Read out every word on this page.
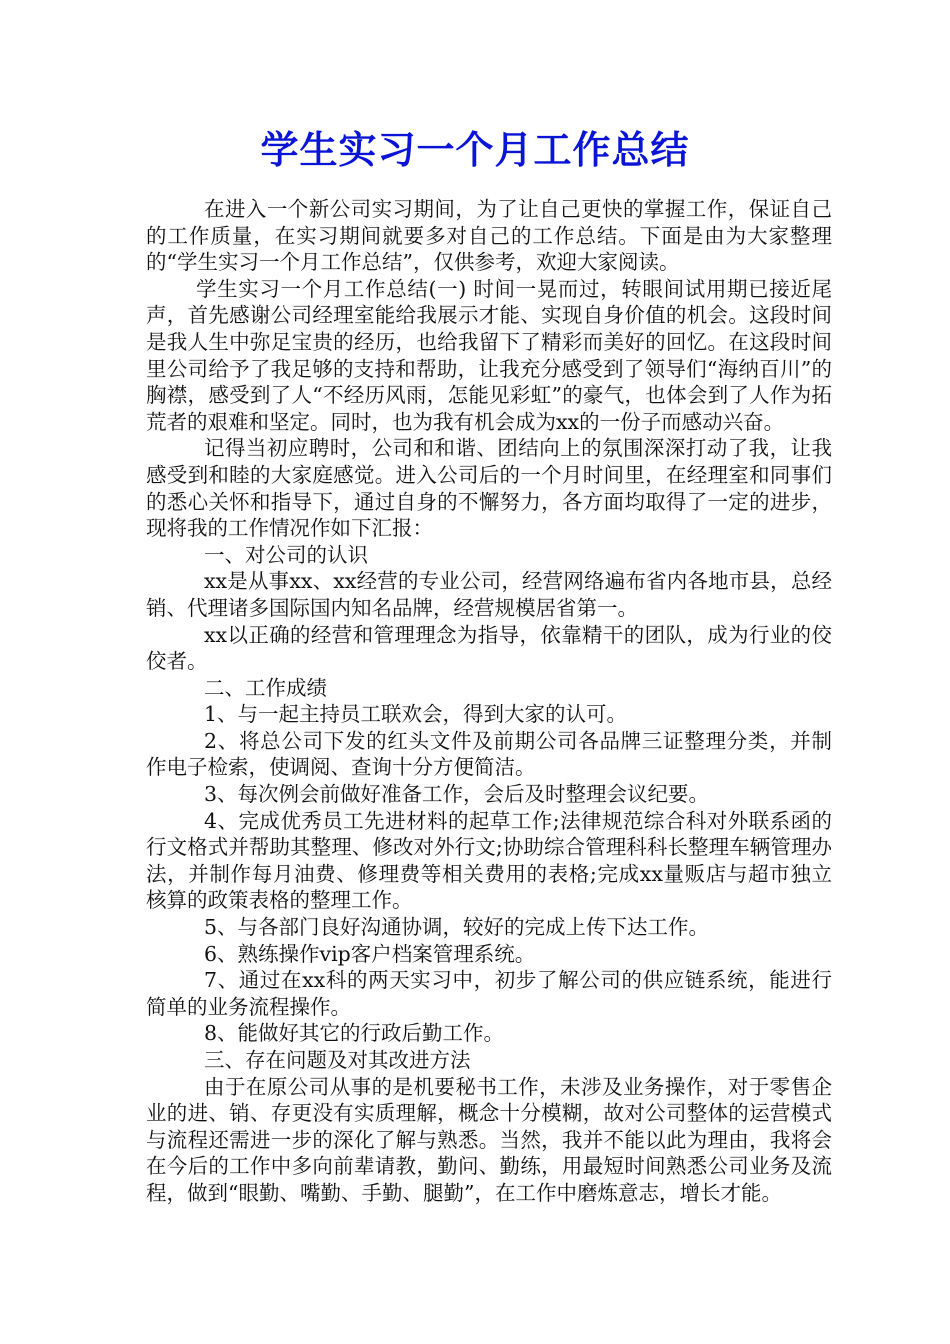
学生实习一个月工作总结

在进入一个新公司实习期间，为了让自己更快的掌握工作，保证自己的工作质量，在实习期间就要多对自己的工作总结。下面是由为大家整理的“学生实习一个月工作总结”，仅供参考，欢迎大家阅读。

学生实习一个月工作总结(一) 时间一晃而过，转眼间试用期已接近尾声，首先感谢公司经理室能给我展示才能、实现自身价值的机会。这段时间是我人生中弥足宝贵的经历，也给我留下了精彩而美好的回忆。在这段时间里公司给予了我足够的支持和帮助，让我充分感受到了领导们“海纳百川”的胸襟，感受到了人“不经历风雨，怎能见彩虹”的豪气，也体会到了人作为拓荒者的艰难和坚定。同时，也为我有机会成为xx的一份子而感动兴奋。

记得当初应聘时，公司和和谐、团结向上的氛围深深打动了我，让我感受到和睦的大家庭感觉。进入公司后的一个月时间里，在经理室和同事们的悉心关怀和指导下，通过自身的不懈努力，各方面均取得了一定的进步，现将我的工作情况作如下汇报：

一、对公司的认识

xx是从事xx、xx经营的专业公司，经营网络遍布省内各地市县，总经销、代理诸多国际国内知名品牌，经营规模居省第一。

xx以正确的经营和管理理念为指导，依靠精干的团队，成为行业的佼佼者。

二、工作成绩

1、与一起主持员工联欢会，得到大家的认可。

2、将总公司下发的红头文件及前期公司各品牌三证整理分类，并制作电子检索，使调阅、查询十分方便简洁。

3、每次例会前做好准备工作，会后及时整理会议纪要。

4、完成优秀员工先进材料的起草工作;法律规范综合科对外联系函的行文格式并帮助其整理、修改对外行文;协助综合管理科科长整理车辆管理办法，并制作每月油费、修理费等相关费用的表格;完成xx量贩店与超市独立核算的政策表格的整理工作。

5、与各部门良好沟通协调，较好的完成上传下达工作。

6、熟练操作vip客户档案管理系统。

7、通过在xx科的两天实习中，初步了解公司的供应链系统，能进行简单的业务流程操作。

8、能做好其它的行政后勤工作。

三、存在问题及对其改进方法

由于在原公司从事的是机要秘书工作，未涉及业务操作，对于零售企业的进、销、存更没有实质理解，概念十分模糊，故对公司整体的运营模式与流程还需进一步的深化了解与熟悉。当然，我并不能以此为理由，我将会在今后的工作中多向前辈请教，勤问、勤练，用最短时间熟悉公司业务及流程，做到“眼勤、嘴勤、手勤、腿勤”，在工作中磨炼意志，增长才能。
